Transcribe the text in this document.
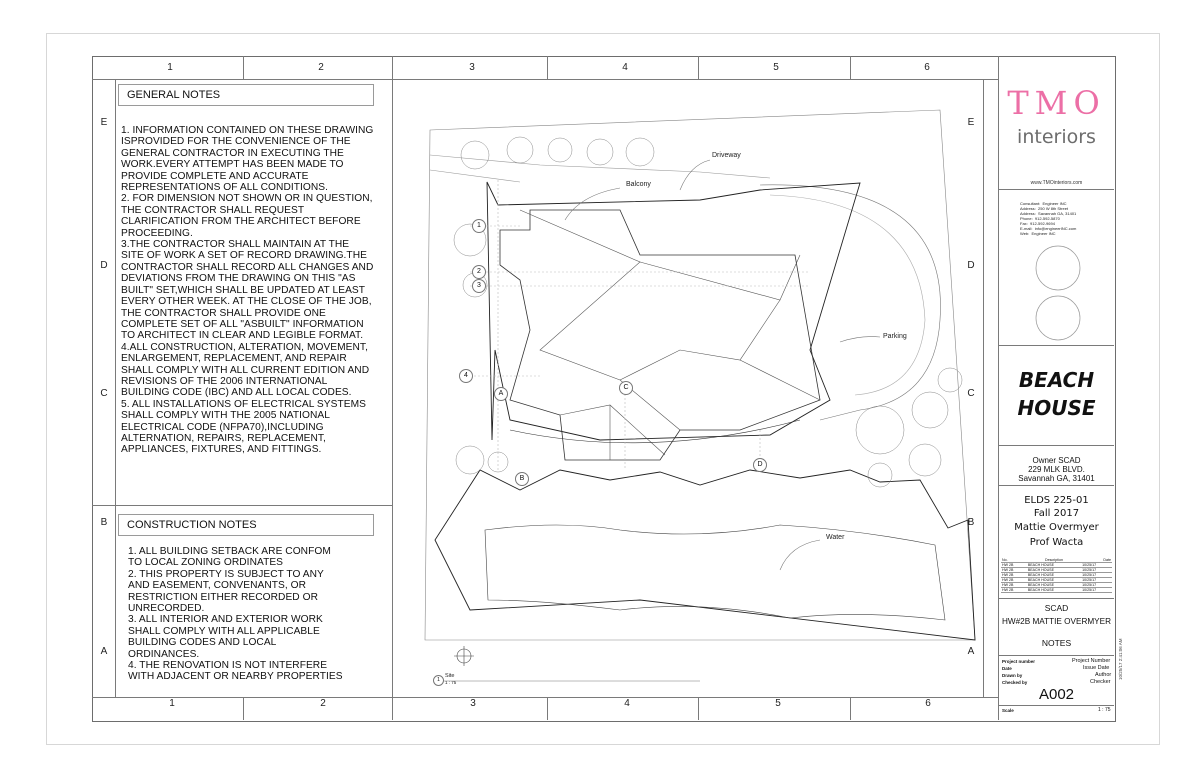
1	2	3	4	5	6
1	2	3	4	5	6
E
D
C
B
A
E
D
C
B
A
GENERAL NOTES
1. INFORMATION CONTAINED ON THESE DRAWING
ISPROVIDED FOR THE CONVENIENCE OF THE
GENERAL CONTRACTOR IN EXECUTING THE
WORK.EVERY ATTEMPT HAS BEEN MADE TO
PROVIDE COMPLETE AND ACCURATE
REPRESENTATIONS OF ALL CONDITIONS.
2. FOR DIMENSION NOT SHOWN OR IN QUESTION,
THE CONTRACTOR SHALL REQUEST
CLARIFICATION FROM THE ARCHITECT BEFORE
PROCEEDING.
3.THE CONTRACTOR SHALL MAINTAIN AT THE
SITE OF WORK A SET OF RECORD DRAWING.THE
CONTRACTOR SHALL RECORD ALL CHANGES AND
DEVIATIONS FROM THE DRAWING ON THIS "AS
BUILT" SET,WHICH SHALL BE UPDATED AT LEAST
EVERY OTHER WEEK. AT THE CLOSE OF THE JOB,
THE CONTRACTOR SHALL PROVIDE ONE
COMPLETE SET OF ALL "ASBUILT" INFORMATION
TO ARCHITECT IN CLEAR AND LEGIBLE FORMAT.
4.ALL CONSTRUCTION, ALTERATION, MOVEMENT,
ENLARGEMENT, REPLACEMENT, AND REPAIR
SHALL COMPLY WITH ALL CURRENT EDITION AND
REVISIONS OF THE 2006 INTERNATIONAL
BUILDING CODE (IBC) AND ALL LOCAL CODES.
5. ALL INSTALLATIONS OF ELECTRICAL SYSTEMS
SHALL COMPLY WITH THE 2005 NATIONAL
ELECTRICAL CODE (NFPA70),INCLUDING
ALTERNATION, REPAIRS, REPLACEMENT,
APPLIANCES, FIXTURES, AND FITTINGS.
CONSTRUCTION NOTES
1. ALL BUILDING SETBACK ARE CONFOM
TO LOCAL ZONING ORDINATES
2. THIS PROPERTY IS SUBJECT TO ANY
AND EASEMENT, CONVENANTS, OR
RESTRICTION EITHER RECORDED OR
UNRECORDED.
3. ALL INTERIOR AND EXTERIOR WORK
SHALL COMPLY WITH ALL APPLICABLE
BUILDING CODES AND LOCAL
ORDINANCES.
4. THE RENOVATION IS NOT INTERFERE
WITH ADJACENT OR NEARBY PROPERTIES
Driveway
Balcony
Parking
Water
1
2
3
4
A
B
C
D
1
Site
1 : 75
TMO
interiors
www.TMOinteriors.com
Consultant: Engineer INC
Address: 250 W 8th Street
Address: Savannah GA, 31401
Phone: 912-592-5870
Fax: 912-592-9694
E-mail: info@engineerINC.com
Web: Engineer INC
BEACH
HOUSE
Owner SCAD
229 MLK BLVD.
Savannah GA, 31401
ELDS 225-01
Fall 2017
Mattie Overmyer
Prof Wacta
No.	Description	Date
HW 2B	BEACH HOUSE	10/25/17
HW 2B	BEACH HOUSE	10/25/17
HW 2B	BEACH HOUSE	10/25/17
HW 2B	BEACH HOUSE	10/25/17
HW 2B	BEACH HOUSE	10/25/17
HW 2B	BEACH HOUSE	10/25/17
SCAD
HW#2B MATTIE OVERMYER
NOTES
Project number	Project Number
Date	Issue Date
Drawn by	Author
Checked by	Checker
A002
Scale	1 : 75
10/25/17 2:41:06 AM
